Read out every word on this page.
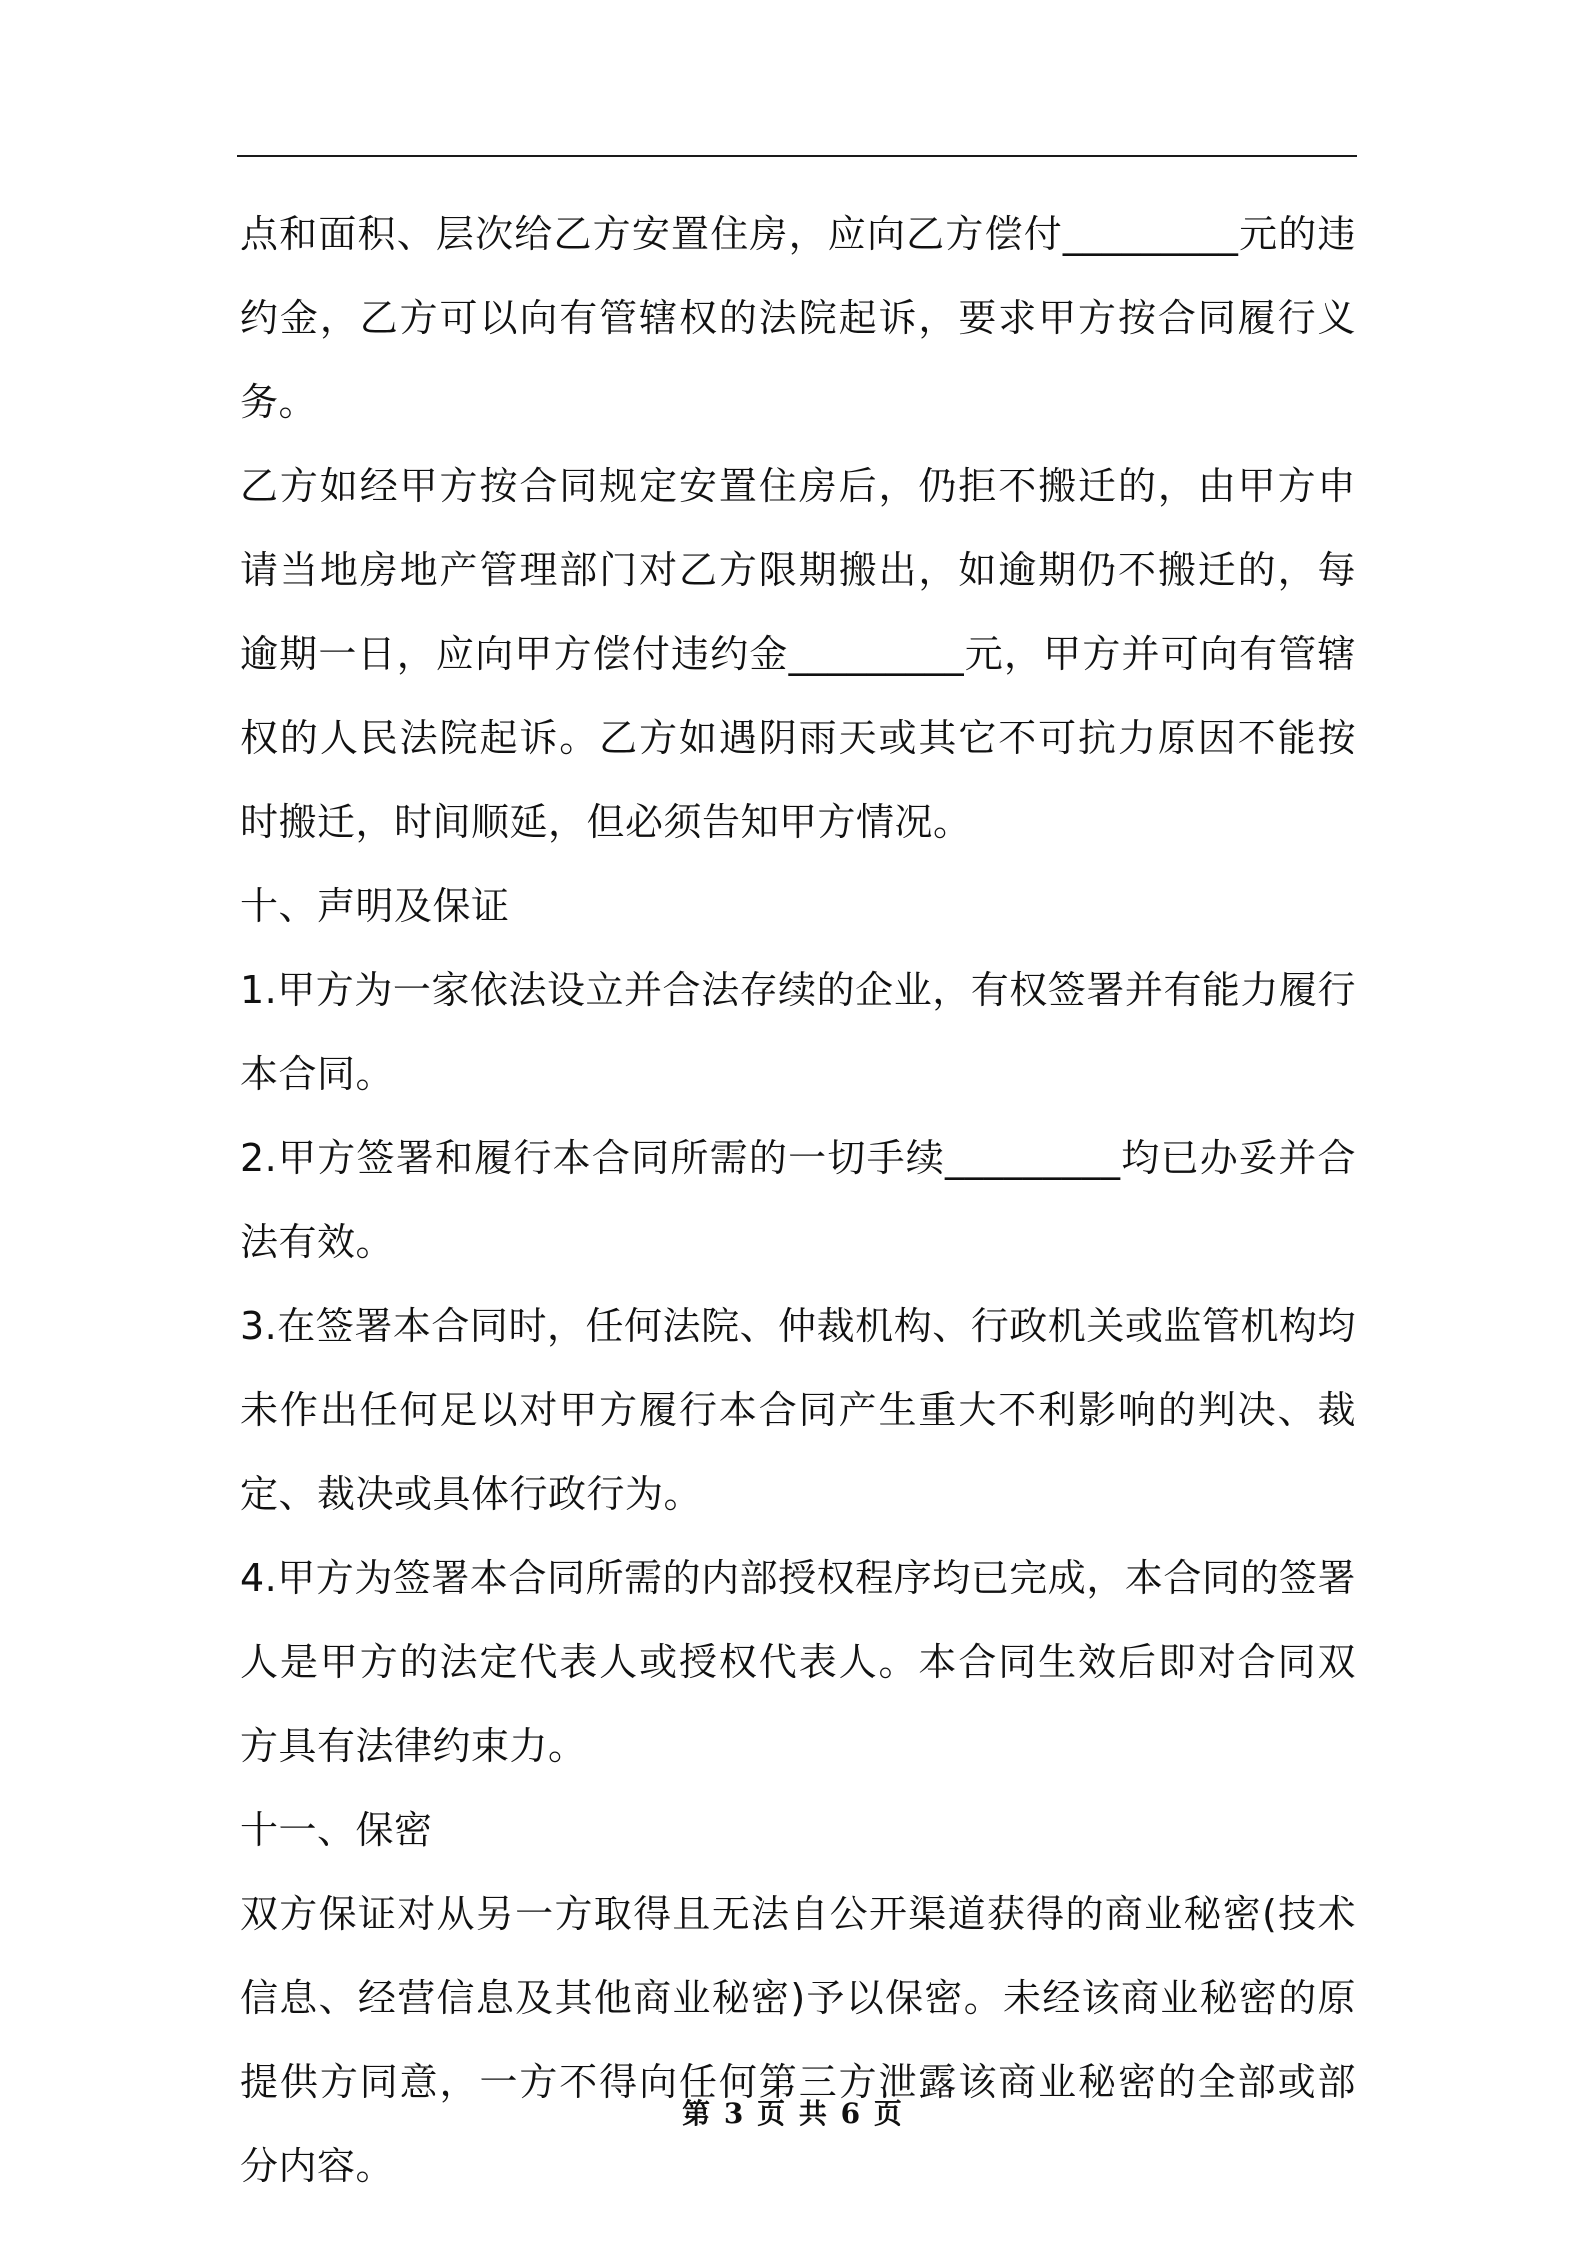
点和面积、层次给乙方安置住房，应向乙方偿付_________元的违约金，乙方可以向有管辖权的法院起诉，要求甲方按合同履行义务。

乙方如经甲方按合同规定安置住房后，仍拒不搬迁的，由甲方申请当地房地产管理部门对乙方限期搬出，如逾期仍不搬迁的，每逾期一日，应向甲方偿付违约金_________元，甲方并可向有管辖权的人民法院起诉。乙方如遇阴雨天或其它不可抗力原因不能按时搬迁，时间顺延，但必须告知甲方情况。

十、声明及保证

1.甲方为一家依法设立并合法存续的企业，有权签署并有能力履行本合同。

2.甲方签署和履行本合同所需的一切手续_________均已办妥并合法有效。

3.在签署本合同时，任何法院、仲裁机构、行政机关或监管机构均未作出任何足以对甲方履行本合同产生重大不利影响的判决、裁定、裁决或具体行政行为。

4.甲方为签署本合同所需的内部授权程序均已完成，本合同的签署人是甲方的法定代表人或授权代表人。本合同生效后即对合同双方具有法律约束力。

十一、保密

双方保证对从另一方取得且无法自公开渠道获得的商业秘密(技术信息、经营信息及其他商业秘密)予以保密。未经该商业秘密的原提供方同意，一方不得向任何第三方泄露该商业秘密的全部或部分内容。

第 3 页 共 6 页
